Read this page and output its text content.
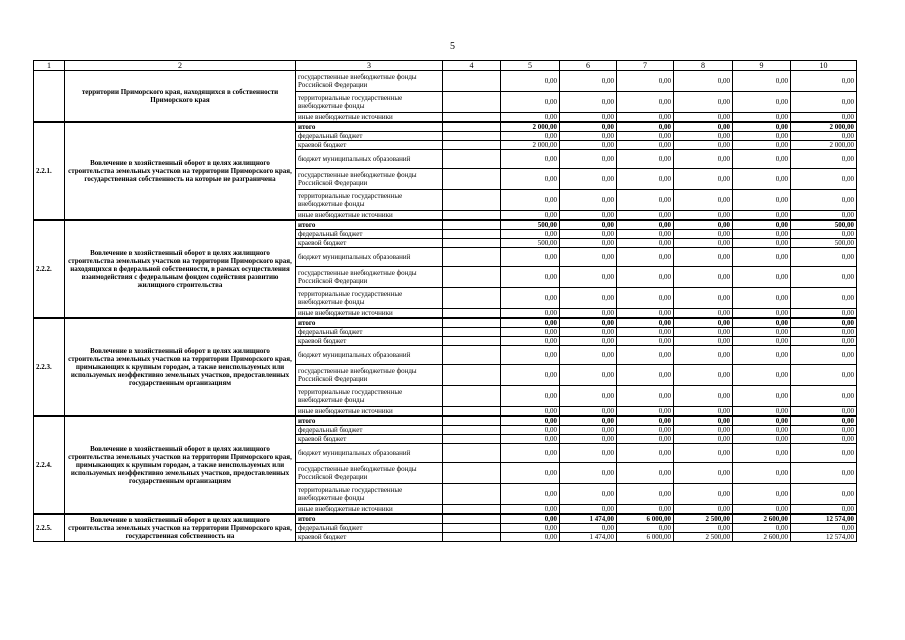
5
1	2	3	4	5	6	7	8	9	10
	территории Приморского края, находящихся в собственности Приморского края	государственные внебюджетные фонды Российской Федерации		0,00	0,00	0,00	0,00	0,00	0,00
		территориальные государственные внебюджетные фонды		0,00	0,00	0,00	0,00	0,00	0,00
		иные внебюджетные источники		0,00	0,00	0,00	0,00	0,00	0,00
2.2.1.	Вовлечение в хозяйственный оборот в целях жилищного строительства земельных участков на территории Приморского края, государственная собственность на которые не разграничена	итого		2 000,00	0,00	0,00	0,00	0,00	2 000,00
		федеральный бюджет		0,00	0,00	0,00	0,00	0,00	0,00
		краевой бюджет		2 000,00	0,00	0,00	0,00	0,00	2 000,00
		бюджет муниципальных образований		0,00	0,00	0,00	0,00	0,00	0,00
		государственные внебюджетные фонды Российской Федерации		0,00	0,00	0,00	0,00	0,00	0,00
		территориальные государственные внебюджетные фонды		0,00	0,00	0,00	0,00	0,00	0,00
		иные внебюджетные источники		0,00	0,00	0,00	0,00	0,00	0,00
2.2.2.	Вовлечение в хозяйственный оборот в целях жилищного строительства земельных участков на территории Приморского края, находящихся в федеральной собственности, в рамках осуществления взаимодействия с федеральным фондом содействия развитию жилищного строительства	итого		500,00	0,00	0,00	0,00	0,00	500,00
		федеральный бюджет		0,00	0,00	0,00	0,00	0,00	0,00
		краевой бюджет		500,00	0,00	0,00	0,00	0,00	500,00
		бюджет муниципальных образований		0,00	0,00	0,00	0,00	0,00	0,00
		государственные внебюджетные фонды Российской Федерации		0,00	0,00	0,00	0,00	0,00	0,00
		территориальные государственные внебюджетные фонды		0,00	0,00	0,00	0,00	0,00	0,00
		иные внебюджетные источники		0,00	0,00	0,00	0,00	0,00	0,00
2.2.3.	Вовлечение в хозяйственный оборот в целях жилищного строительства земельных участков на территории Приморского края, примыкающих к крупным городам, а также неиспользуемых или используемых неэффективно земельных участков, предоставленных государственным организациям	итого		0,00	0,00	0,00	0,00	0,00	0,00
		федеральный бюджет		0,00	0,00	0,00	0,00	0,00	0,00
		краевой бюджет		0,00	0,00	0,00	0,00	0,00	0,00
		бюджет муниципальных образований		0,00	0,00	0,00	0,00	0,00	0,00
		государственные внебюджетные фонды Российской Федерации		0,00	0,00	0,00	0,00	0,00	0,00
		территориальные государственные внебюджетные фонды		0,00	0,00	0,00	0,00	0,00	0,00
		иные внебюджетные источники		0,00	0,00	0,00	0,00	0,00	0,00
2.2.4.	Вовлечение в хозяйственный оборот в целях жилищного строительства земельных участков на территории Приморского края, примыкающих к крупным городам, а также неиспользуемых или используемых неэффективно земельных участков, предоставленных государственным организациям	итого		0,00	0,00	0,00	0,00	0,00	0,00
		федеральный бюджет		0,00	0,00	0,00	0,00	0,00	0,00
		краевой бюджет		0,00	0,00	0,00	0,00	0,00	0,00
		бюджет муниципальных образований		0,00	0,00	0,00	0,00	0,00	0,00
		государственные внебюджетные фонды Российской Федерации		0,00	0,00	0,00	0,00	0,00	0,00
		территориальные государственные внебюджетные фонды		0,00	0,00	0,00	0,00	0,00	0,00
		иные внебюджетные источники		0,00	0,00	0,00	0,00	0,00	0,00
2.2.5.	Вовлечение в хозяйственный оборот в целях жилищного строительства земельных участков на территории Приморского края, государственная собственность на	итого		0,00	1 474,00	6 000,00	2 500,00	2 600,00	12 574,00
		федеральный бюджет		0,00	0,00	0,00	0,00	0,00	0,00
		краевой бюджет		0,00	1 474,00	6 000,00	2 500,00	2 600,00	12 574,00
